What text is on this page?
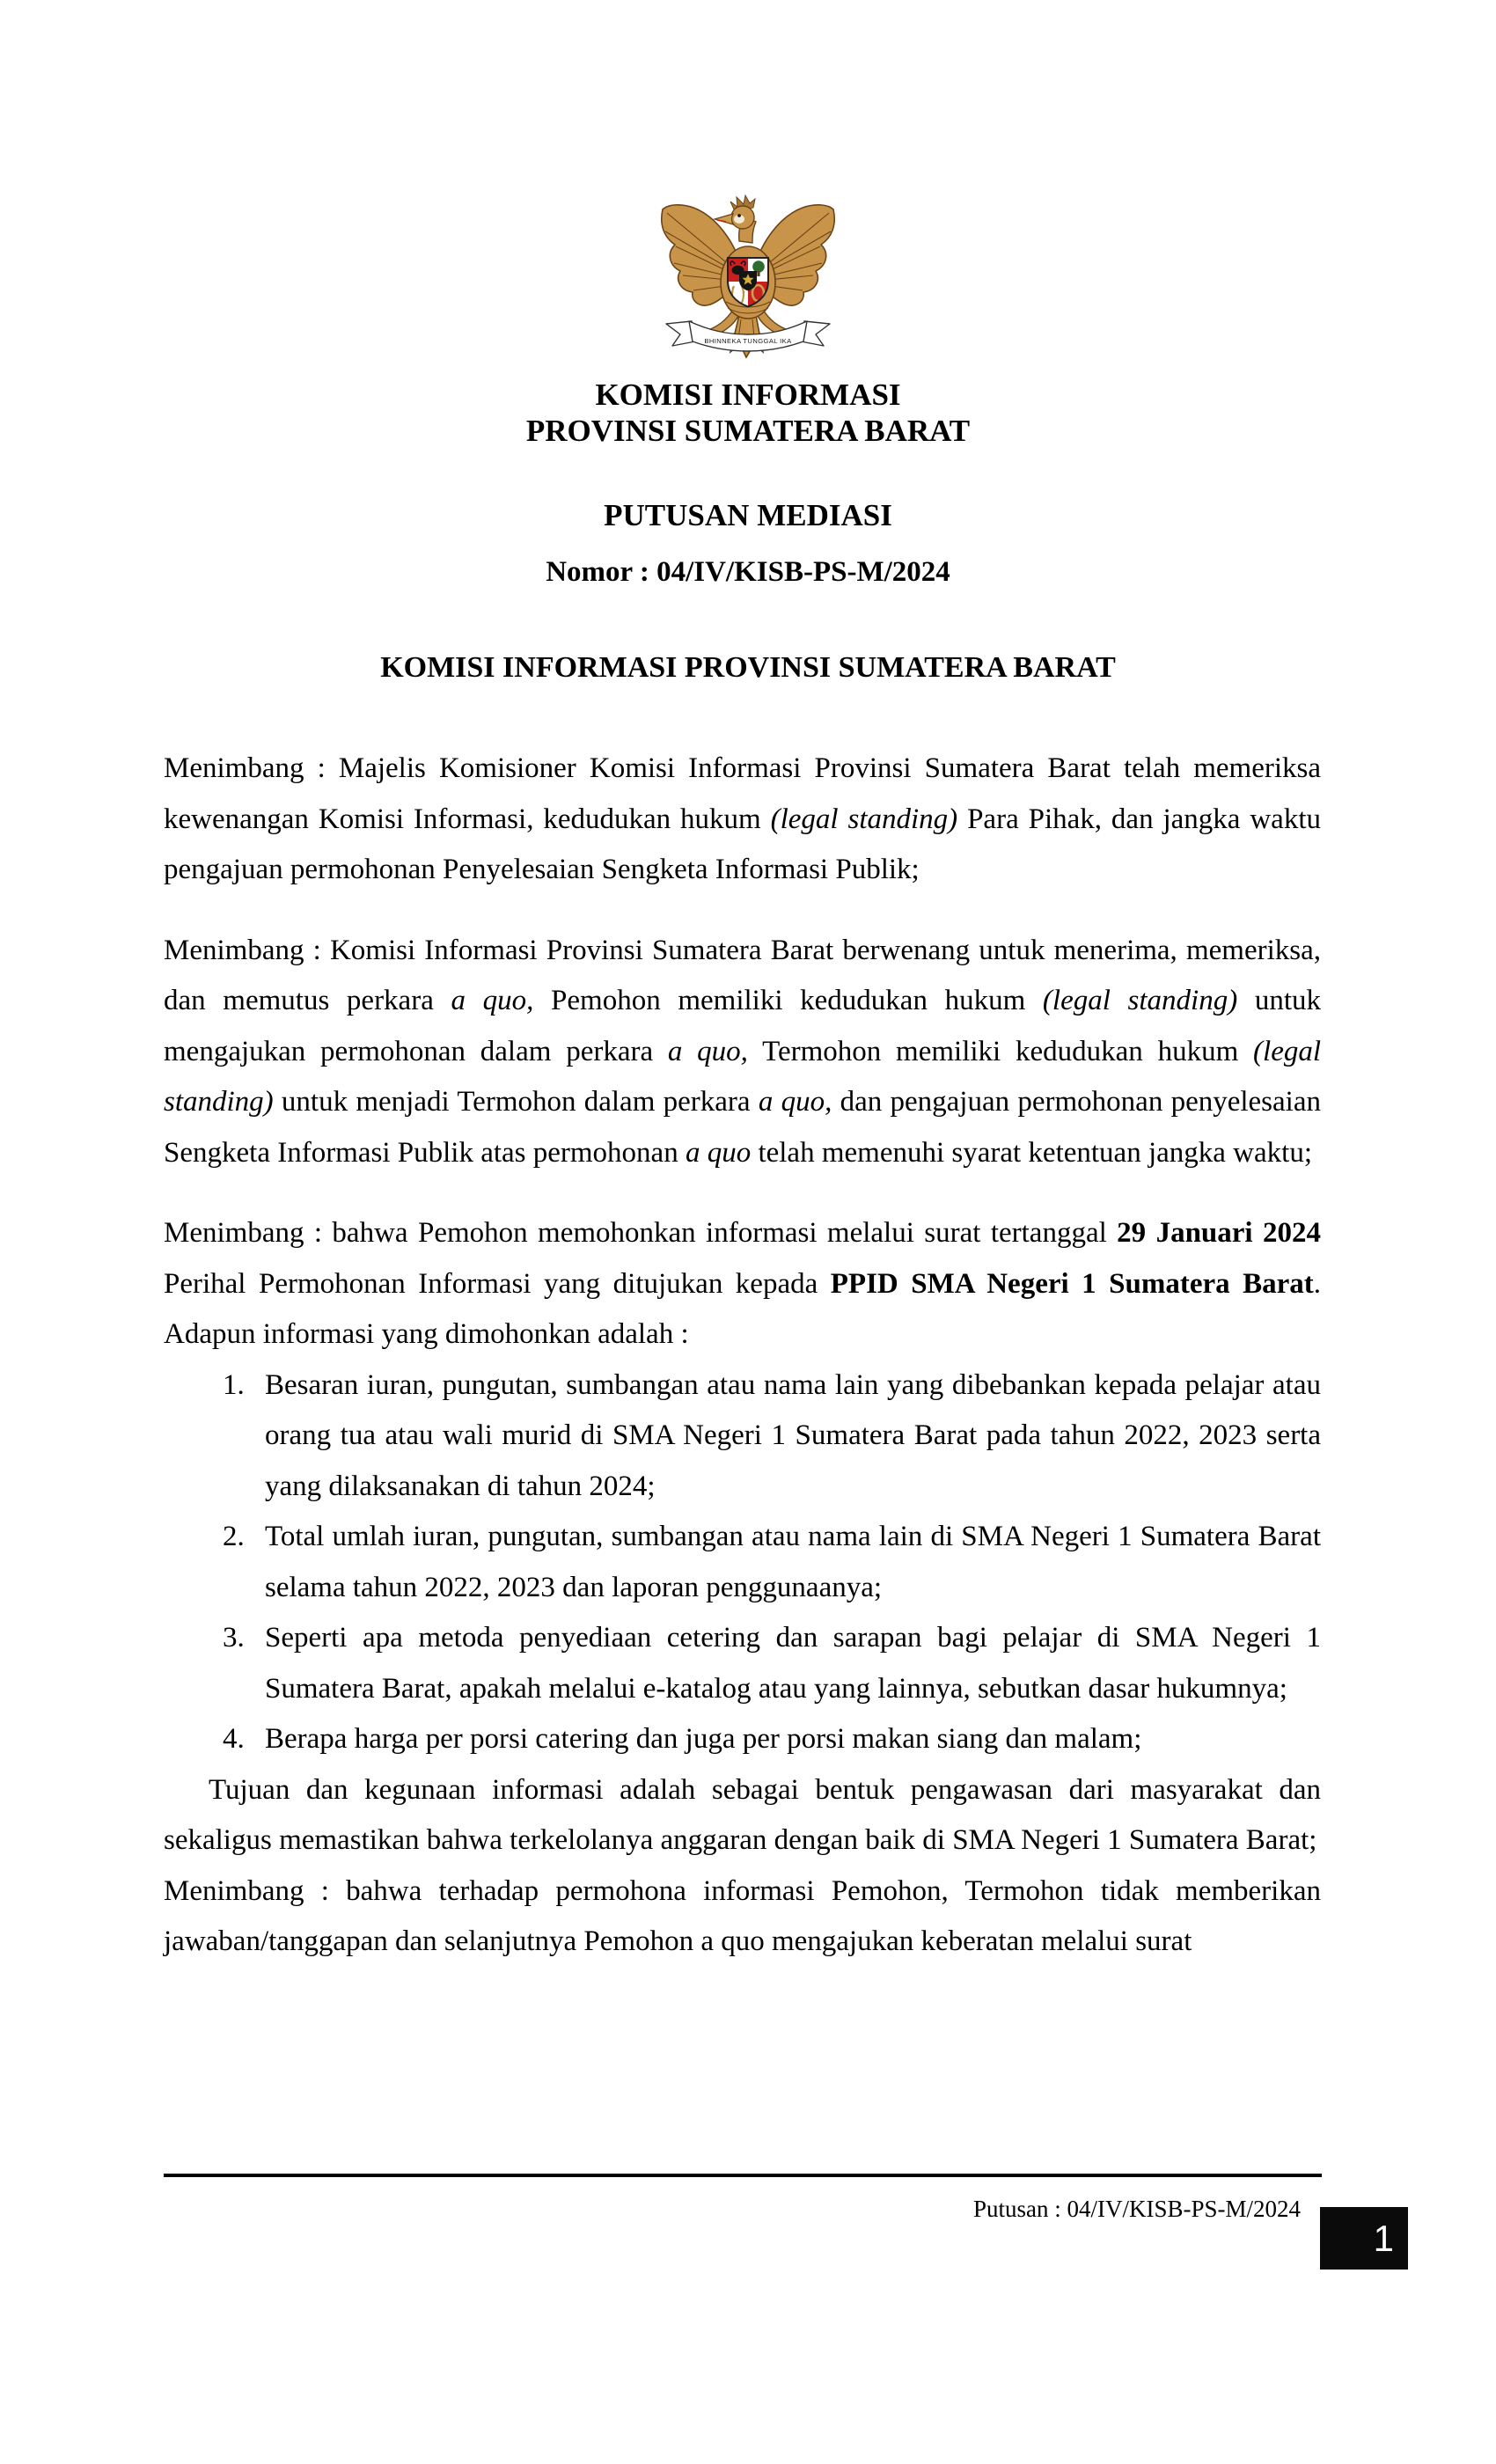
BHINNEKA TUNGGAL IKA
KOMISI INFORMASI
PROVINSI SUMATERA BARAT
PUTUSAN MEDIASI
Nomor : 04/IV/KISB-PS-M/2024
KOMISI INFORMASI PROVINSI SUMATERA BARAT

Menimbang : Majelis Komisioner Komisi Informasi Provinsi Sumatera Barat telah memeriksa kewenangan Komisi Informasi, kedudukan hukum (legal standing) Para Pihak, dan jangka waktu pengajuan permohonan Penyelesaian Sengketa Informasi Publik;

Menimbang : Komisi Informasi Provinsi Sumatera Barat berwenang untuk menerima, memeriksa, dan memutus perkara a quo, Pemohon memiliki kedudukan hukum (legal standing) untuk mengajukan permohonan dalam perkara a quo, Termohon memiliki kedudukan hukum (legal standing) untuk menjadi Termohon dalam perkara a quo, dan pengajuan permohonan penyelesaian Sengketa Informasi Publik atas permohonan a quo telah memenuhi syarat ketentuan jangka waktu;

Menimbang : bahwa Pemohon memohonkan informasi melalui surat tertanggal 29 Januari 2024 Perihal Permohonan Informasi yang ditujukan kepada PPID SMA Negeri 1 Sumatera Barat. Adapun informasi yang dimohonkan adalah :

1. Besaran iuran, pungutan, sumbangan atau nama lain yang dibebankan kepada pelajar atau orang tua atau wali murid di SMA Negeri 1 Sumatera Barat pada tahun 2022, 2023 serta yang dilaksanakan di tahun 2024;
2. Total umlah iuran, pungutan, sumbangan atau nama lain di SMA Negeri 1 Sumatera Barat selama tahun 2022, 2023 dan laporan penggunaanya;
3. Seperti apa metoda penyediaan cetering dan sarapan bagi pelajar di SMA Negeri 1 Sumatera Barat, apakah melalui e-katalog atau yang lainnya, sebutkan dasar hukumnya;
4. Berapa harga per porsi catering dan juga per porsi makan siang dan malam;

Tujuan dan kegunaan informasi adalah sebagai bentuk pengawasan dari masyarakat dan sekaligus memastikan bahwa terkelolanya anggaran dengan baik di SMA Negeri 1 Sumatera Barat;

Menimbang : bahwa terhadap permohona informasi Pemohon, Termohon tidak memberikan jawaban/tanggapan dan selanjutnya Pemohon a quo mengajukan keberatan melalui surat

Putusan : 04/IV/KISB-PS-M/2024
1
